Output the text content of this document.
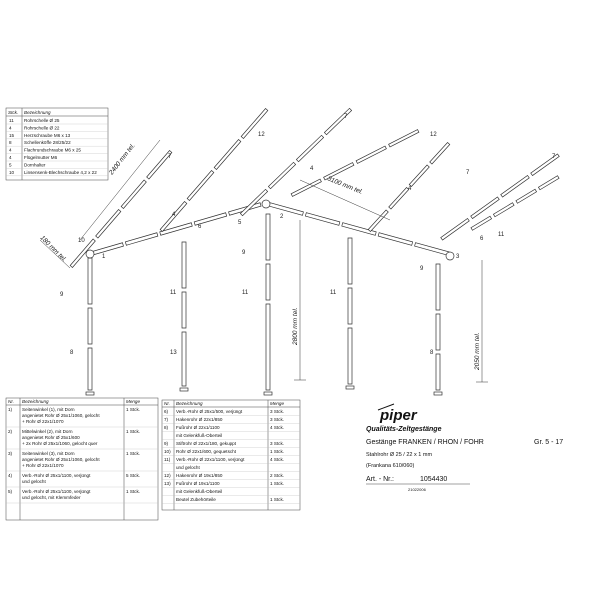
Stck. Bezeichnung
11 Rohrschelle Ø 25
4	Rohrschelle Ø 22
15 Herzschraube M6 x 13
8	Schellenköffe 28/25/22
4	Flachrundschraube M6 x 25
4	Flügelmutter M6
5	Dornhalter
10 Linsensenk-Blechschraube 4,2 x 22
1
2
3
4
4
4
5
6
6
7
7
7
7
8	8
9
9
9
10
11	11	11
11
12	12
13
2400 mm tel.
3100 mm tel.
180 mm tel.
2800 mm tel.
2050 mm tel.
Nr. Bezeichnung	Menge
1) Seitenwinkel (1), mit Dorn	1 Stck.
angenietet Rohr Ø 25x1/1060, gelocht
+ Rohr Ø 22x1/1070
2) Mittelwinkel (2), mit Dorn	1 Stck.
angenietet Rohr Ø 25x1/600
+ 2x Rohr Ø 25x1/1060, gelocht quer
3) Seitenwinkel (3), mit Dorn	1 Stck.
angenietet Rohr Ø 25x1/1060, gelocht
+ Rohr Ø 22x1/1070
4) Verb.-Rohr Ø 25x1/1100, verjüngt	5 Stck.
und gelocht
5) Verb.-Rohr Ø 25x1/1100, verjüngt	1 Stck.
und gelocht, mit Klemmfeder
Nr. Bezeichnung	Menge
6) Verb.-Rohr Ø 25x1/500, verjüngt	3 Stck.
7) Hakenrohr Ø 22x1/850	3 Stck.
8) Fußrohr Ø 22x1/1100	4 Stck.
mit Gelenkfuß-Oberteil
9) Stiftrohr Ø 22x1/180, gekuppt	3 Stck.
10) Rohr Ø 22x1/600, gequetscht	1 Stck.
11) Verb.-Rohr Ø 22x1/1100, verjüngt	4 Stck.
und gelocht
12) Hakenrohr Ø 19x1/850	2 Stck.
13) Fußrohr Ø 19x1/1100	1 Stck.
mit Gelenkfuß-Oberteil
Beutel Zubehörteile	1 Stck.
piper
Qualitäts-Zeltgestänge
Gestänge FRANKEN / RHON / FOHR	Gr. 5 - 17
Stahlrohr Ø 25 / 22 x 1 mm
(Frankana 610/060)
Art. - Nr.:	1054430
21022006
